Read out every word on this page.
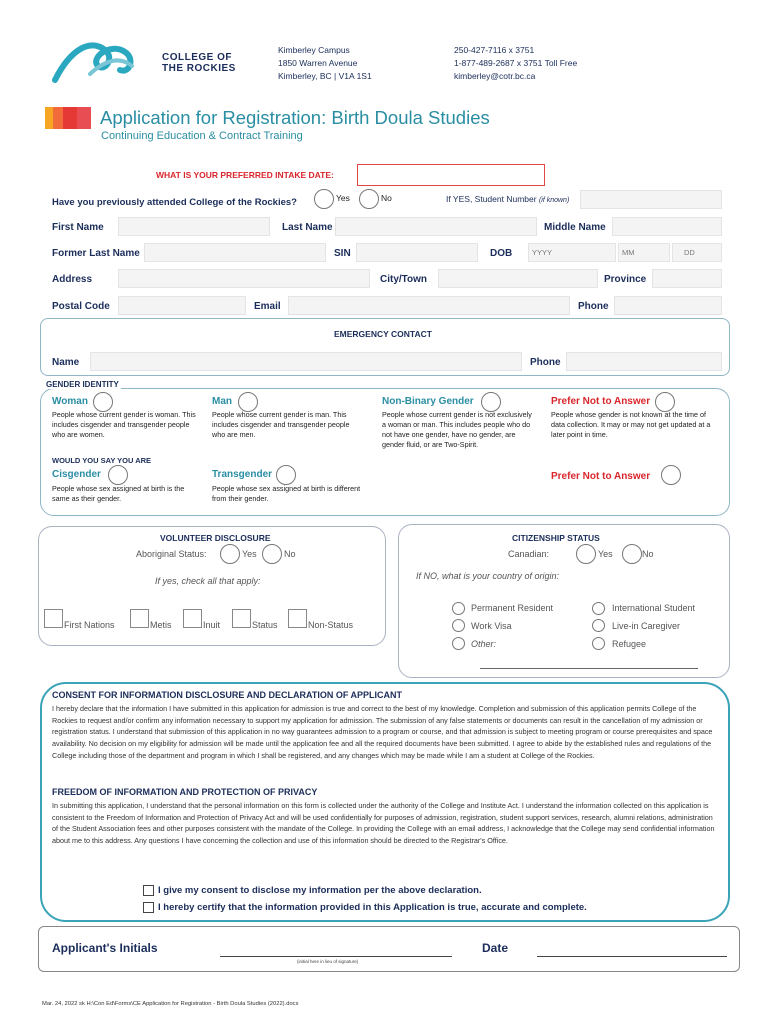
COLLEGE OF
THE ROCKIES
Kimberley Campus
1850 Warren Avenue
Kimberley, BC | V1A 1S1
250-427-7116 x 3751
1-877-489-2687 x 3751 Toll Free
kimberley@cotr.bc.ca
Application for Registration: Birth Doula Studies
Continuing Education & Contract Training
WHAT IS YOUR PREFERRED INTAKE DATE:
Have you previously attended College of the Rockies?	Yes	No	If YES, Student Number (if known)
First Name	Last Name	Middle Name
Former Last Name	SIN	DOB	YYYY	MM	DD
Address	City/Town	Province
Postal Code	Email	Phone
EMERGENCY CONTACT
Name	Phone
GENDER IDENTITY
Woman
People whose current gender is woman. This includes cisgender and transgender people who are women.
Man
People whose current gender is man. This includes cisgender and transgender people who are men.
Non-Binary Gender
People whose current gender is not exclusively a woman or man. This includes people who do not have one gender, have no gender, are gender fluid, or are Two-Spirit.
Prefer Not to Answer
People whose gender is not known at the time of data collection. It may or may not get updated at a later point in time.
WOULD YOU SAY YOU ARE
Cisgender
People whose sex assigned at birth is the same as their gender.
Transgender
People whose sex assigned at birth is different from their gender.
Prefer Not to Answer
VOLUNTEER DISCLOSURE
Aboriginal Status:	Yes	No
If yes, check all that apply:
First Nations	Metis	Inuit	Status	Non-Status
CITIZENSHIP STATUS
Canadian:	Yes	No
If NO, what is your country of origin:
Permanent Resident	International Student
Work Visa	Live-in Caregiver
Other:	Refugee
CONSENT FOR INFORMATION DISCLOSURE AND DECLARATION OF APPLICANT
I hereby declare that the information I have submitted in this application for admission is true and correct to the best of my knowledge. Completion and submission of this application permits College of the Rockies to request and/or confirm any information necessary to support my application for admission. The submission of any false statements or documents can result in the cancellation of my admission or registration status. I understand that submission of this application in no way guarantees admission to a program or course, and that admission is subject to meeting program or course prerequisites and space availability. No decision on my eligibility for admission will be made until the application fee and all the required documents have been submitted. I agree to abide by the established rules and regulations of the College including those of the department and program in which I shall be registered, and any changes which may be made while I am a student at College of the Rockies.
FREEDOM OF INFORMATION AND PROTECTION OF PRIVACY
In submitting this application, I understand that the personal information on this form is collected under the authority of the College and Institute Act. I understand the information collected on this application is consistent to the Freedom of Information and Protection of Privacy Act and will be used confidentially for purposes of admission, registration, student support services, research, alumni relations, administration of the Student Association fees and other purposes consistent with the mandate of the College. In providing the College with an email address, I acknowledge that the College may send confidential information about me to this address. Any questions I have concerning the collection and use of this information should be directed to the Registrar's Office.
I give my consent to disclose my information per the above declaration.
I hereby certify that the information provided in this Application is true, accurate and complete.
Applicant's Initials
(initial here in lieu of signature)
Date
Mar. 24, 2022 sk H:\Con Ed\Forms\CE Application for Registration - Birth Doula Studies (2022).docx
